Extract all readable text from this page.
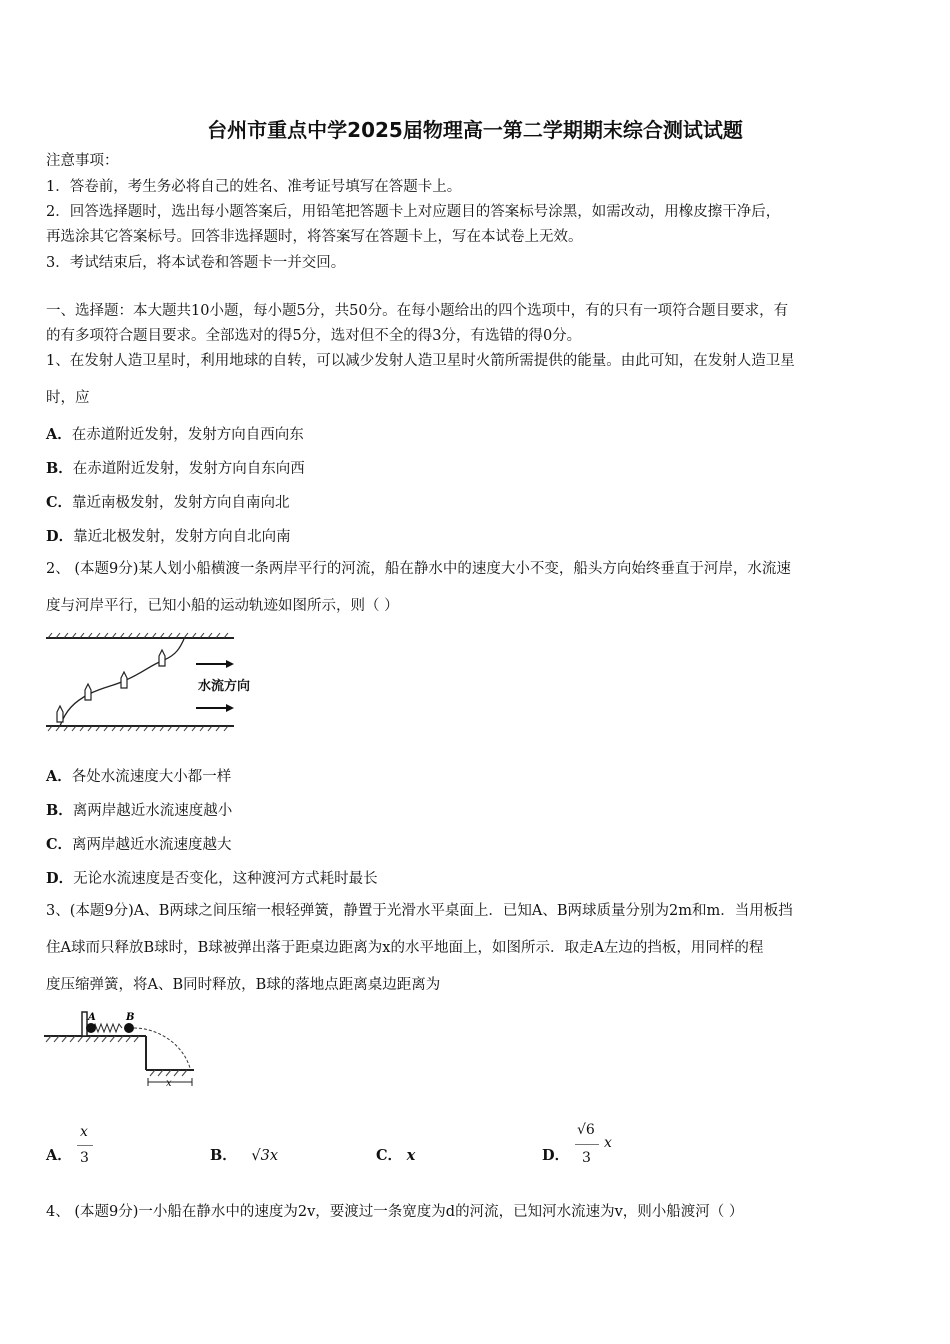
台州市重点中学2025届物理高一第二学期期末综合测试试题
注意事项：
1．答卷前，考生务必将自己的姓名、准考证号填写在答题卡上。
2．回答选择题时，选出每小题答案后，用铅笔把答题卡上对应题目的答案标号涂黑，如需改动，用橡皮擦干净后，
再选涂其它答案标号。回答非选择题时，将答案写在答题卡上，写在本试卷上无效。
3．考试结束后，将本试卷和答题卡一并交回。
一、选择题：本大题共10小题，每小题5分，共50分。在每小题给出的四个选项中，有的只有一项符合题目要求，有
的有多项符合题目要求。全部选对的得5分，选对但不全的得3分，有选错的得0分。
1、在发射人造卫星时，利用地球的自转，可以减少发射人造卫星时火箭所需提供的能量。由此可知，在发射人造卫星
时，应
A．在赤道附近发射，发射方向自西向东
B．在赤道附近发射，发射方向自东向西
C．靠近南极发射，发射方向自南向北
D．靠近北极发射，发射方向自北向南
2、 (本题9分)某人划小船横渡一条两岸平行的河流，船在静水中的速度大小不变，船头方向始终垂直于河岸，水流速
度与河岸平行，已知小船的运动轨迹如图所示，则（ ）
水流方向
A．各处水流速度大小都一样
B．离两岸越近水流速度越小
C．离两岸越近水流速度越大
D．无论水流速度是否变化，这种渡河方式耗时最长
3、(本题9分)A、B两球之间压缩一根轻弹簧，静置于光滑水平桌面上．已知A、B两球质量分别为2m和m．当用板挡
住A球而只释放B球时，B球被弹出落于距桌边距离为x的水平地面上，如图所示．取走A左边的挡板，用同样的程
度压缩弹簧，将A、B同时释放，B球的落地点距离桌边距离为
A	B
x
A．
x
3	B． √3x	C． x	D．
√6
3
x
4、 (本题9分)一小船在静水中的速度为2v，要渡过一条宽度为d的河流，已知河水流速为v，则小船渡河（ ）
